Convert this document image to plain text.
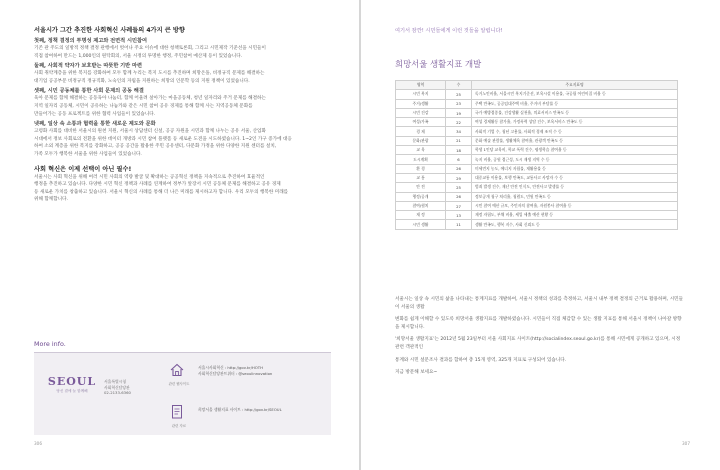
서울시가 그간 추진한 사회혁신 사례들의 4가지 큰 방향

첫째, 정책 결정의 투명성 제고와 전면적 시민참여

기존 관 주도의 일방적 정책 결정 관행에서 벗어나 주요 이슈에 대한 청책토론회, 그리고 시민제작 기준선을 시민들이

직접 참여하여 만드는 1,000인의 원탁회의, 서울 시정의 투명한 행정, 주민참여 예산제 등이 있었습니다.

둘째, 사회적 약자가 보호받는 따뜻한 기반 마련

사회 취약계층을 위한 복지를 강화하여 모두 함께 누리는 복지 도시를 추진하며 희망온돌, 비정규직 문제를 해결하는

대기업 공공부문 비정규직 정규직화, 노숙인의 자립을 지원하는 희망의 인문학 등의 지원 정책이 있었습니다.

셋째, 시민 공동체를 통한 사회 문제의 공동 해결

육아 문제를 함께 해결하는 공동육아 나눔터, 함께 어울려 살아가는 마을공동체, 청년 일자리와 주거 문제를 해결하는

지역 일자리 공동체, 시민이 공유하는 나눔카와 같은 시민 참여 공유 경제를 통해 함께 사는 지역공동체 문화를

만들어가는 공동 프로젝트를 위한 협력 사업들이 있었습니다.

넷째, 일상 속 소통과 협력을 통한 새로운 제도와 문화

고령화 사회를 대비한 서울시의 원천 지원, 서울시 상담센터 신설, 공공 자원을 시민과 함께 나누는 공유 서울, 산업화

시대에서 정보 사회로의 전환을 위한 데이터 개방과 시민 참여 플랫폼 등 새로운 도전을 시도하였습니다. 1~2인 가구 증가에 대응

하여 소외 계층을 위한 복지를 강화하고, 공공 공간을 활용한 주민 공유센터, 다문화 가정을 위한 다양한 지원 센터를 설치,

가족 모두가 행복한 서울을 위한 사업들이 있었습니다.

사회 혁신은 이제 선택이 아닌 필수!

서울시는 사회 혁신을 위해 여러 시민 사회의 역량 발굴 및 확대하는 공공혁신 정책을 지속적으로 추진하여 효율적인

행정을 추진하고 있습니다. 다양한 시민 혁신 정책과 사례를 연계하여 정부가 앞장서 시민 공동체 문제를 해결하고 공유 경제

등 새로운 가치를 창출하고 있습니다. 서울시 혁신의 사례를 통해 더 나은 미래를 제시하고자 합니다. 우리 모두의 행복한 미래를

위해 함께합니다.

More info.
SEOUL
당신 곁에 늘 함께해
서울특별시청
사회혁신담당관
02-2133-6360
관련 웹사이트
서울시사회혁신 : http://gov.kr/HOTH
사회혁신담당관트위터 : @seoulinnovation
관련 자료
희망서울 생활지표 사이트 : http://gov.kr/SEOUL
306
여기서 잠깐! 시민들에게 이런 것들을 알립니다!
희망서울 생활지표 개발
영역	수	주요지표명
시민 복지	25	독거노인비율, 서울시민 복지기준선, 보육시설 이용률, 국공립 어린이집 비율 등
주거/생활	23	주택 만족도, 공공임대주택 비율, 주거비 부담률 등
시민 건강	19	국가 예방접종률, 건강생활 실천율, 의료서비스 만족도 등
여성/가족	22	여성 경제활동 참가율, 가정폭력 상담 건수, 보육서비스 만족도 등
경 제	34	사회적 기업 수, 청년 고용률, 사회적 경제 조직 수 등
문화/관광	21	문화 예술 관람률, 생활체육 참여율, 관광객 만족도 등
교 육	18	학생 1인당 교육비, 학교 폭력 건수, 평생학습 참여율 등
도시계획	6	녹지 비율, 공원 접근성, 도시 재생 지역 수 등
환 경	26	미세먼지 농도, 에너지 자립률, 재활용률 등
교 통	29	대중교통 이용률, 보행 만족도, 교통사고 사망자 수 등
안 전	25	범죄 발생 건수, 재난 안전 인식도, 안전사고 발생률 등
행정/공개	26	정보공개 청구 처리율, 청렴도, 민원 만족도 등
참여/협치	27	시민 참여 예산 규모, 주민자치 참여율, 자원봉사 참여율 등
재 정	13	재정 자립도, 부채 비율, 세입 세출 예산 현황 등
시민 생활	11	생활 만족도, 행복 지수, 사회 신뢰도 등

서울시는 일상 속 시민의 삶을 나타내는 통계지표를 개발하여, 서울시 정책의 성과를 측정하고, 서울시 내부 정책 결정의 근거로 활용하며, 시민들이 서울의 생활

변화를 쉽게 이해할 수 있도록 희망서울 생활지표를 개발하였습니다. 시민들이 직접 체감할 수 있는 생활 지표를 통해 서울시 정책이 나아갈 방향을 제시합니다.

'희망서울 생활지표'는 2012년 5월 23일부터 서울 사회지표 사이트(http://socialindex.seoul.go.kr)를 통해 시민에게 공개하고 있으며, 시정 관련 객관적인

통계와 시민 설문조사 결과를 합하여 총 15개 영역, 325개 지표로 구성되어 있습니다.

지금 방문해 보세요~

307
